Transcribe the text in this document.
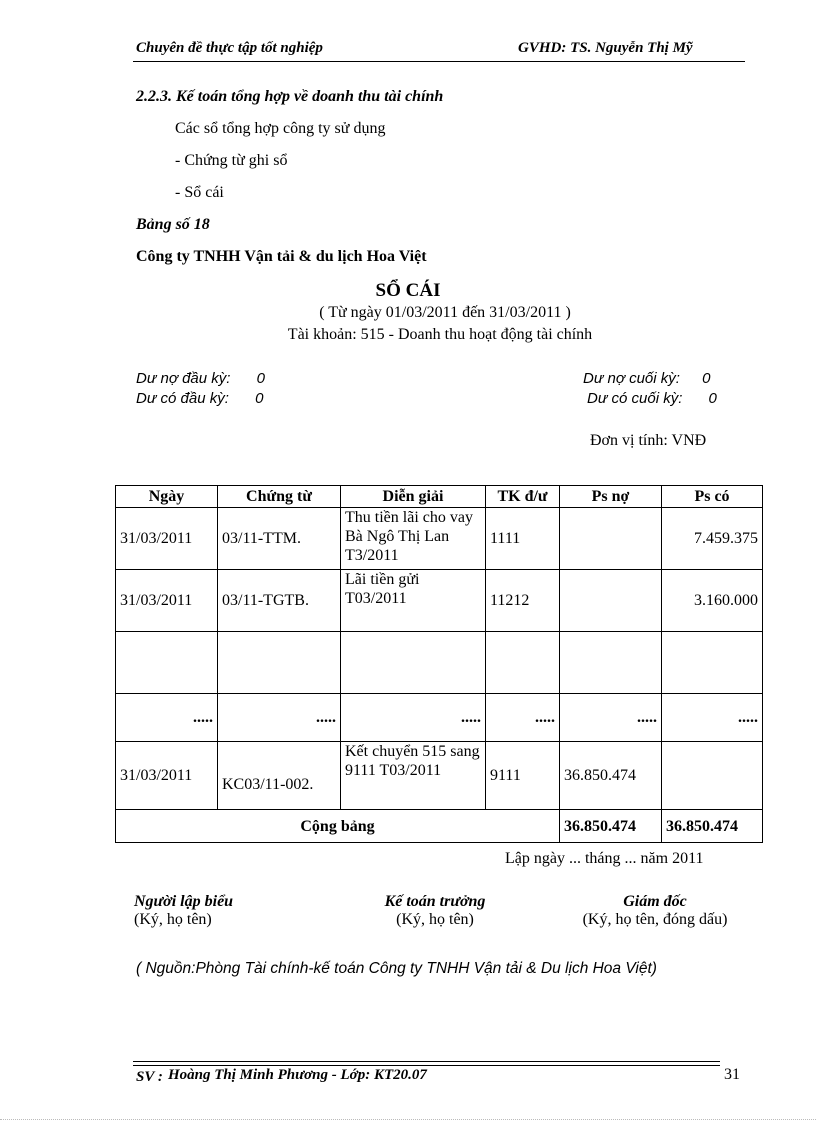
Chuyên đề thực tập tốt nghiệp	GVHD: TS. Nguyễn Thị Mỹ
2.2.3. Kế toán tổng hợp về doanh thu tài chính
Các sổ tổng hợp công ty sử dụng
- Chứng từ ghi sổ
- Sổ cái
Bảng số 18
Công ty TNHH Vận tải & du lịch Hoa Việt
SỔ CÁI
( Từ ngày 01/03/2011 đến 31/03/2011 )
Tài khoản: 515 - Doanh thu hoạt động tài chính
Dư nợ đầu kỳ: 0
Dư có đầu kỳ: 0
Dư nợ cuối kỳ: 0
Dư có cuối kỳ: 0
Đơn vị tính: VNĐ
Ngày	Chứng từ	Diễn giải	TK đ/ư	Ps nợ	Ps có
31/03/2011	03/11-TTM.	Thu tiền lãi cho vay Bà Ngô Thị Lan T3/2011	1111		7.459.375
31/03/2011	03/11-TGTB.	Lãi tiền gửi T03/2011	11212		3.160.000

.....	.....	.....	.....	.....	.....
31/03/2011	KC03/11-002.	Kết chuyển 515 sang 9111 T03/2011	9111	36.850.474	
Cộng bảng				36.850.474	36.850.474
Lập ngày ... tháng ... năm 2011
Người lập biểu
(Ký, họ tên)
Kế toán trưởng
(Ký, họ tên)
Giám đốc
(Ký, họ tên, đóng dấu)
( Nguồn:Phòng Tài chính-kế toán Công ty TNHH Vận tải & Du lịch Hoa Việt)
SV : Hoàng Thị Minh Phương - Lớp: KT20.07	31
